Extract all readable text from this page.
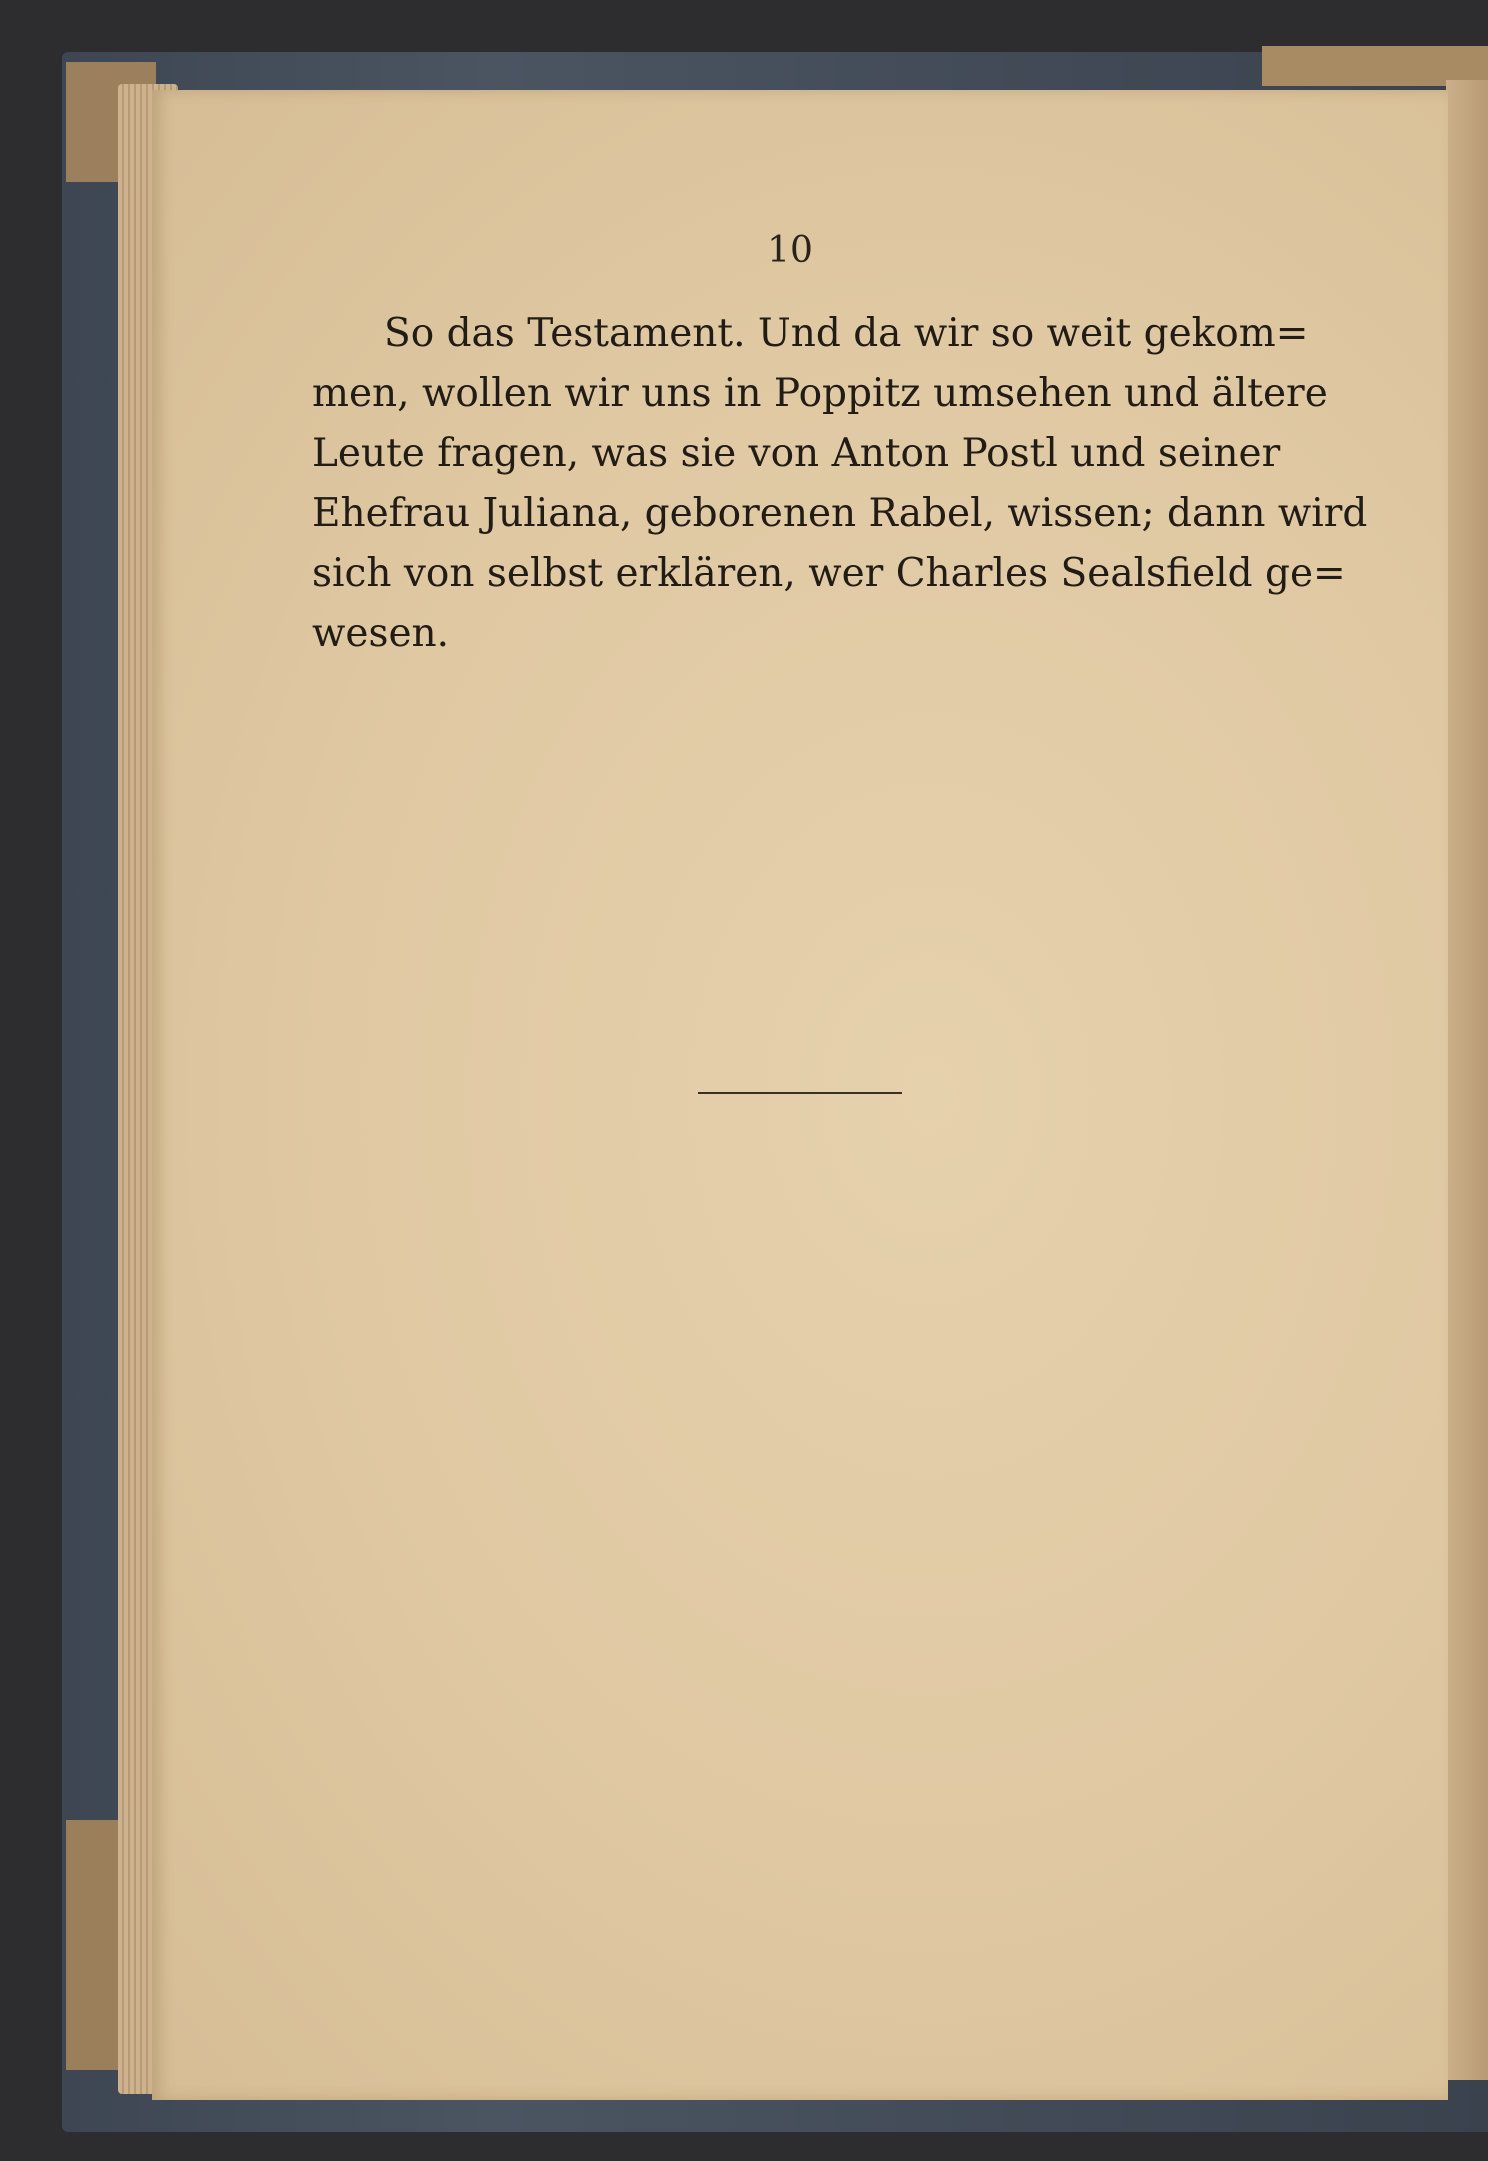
10
So das Testament. Und da wir so weit gekom=
men, wollen wir uns in Poppitz umsehen und ältere
Leute fragen, was sie von Anton Postl und seiner
Ehefrau Juliana, geborenen Rabel, wissen; dann wird
sich von selbst erklären, wer Charles Sealsfield ge=
wesen.
